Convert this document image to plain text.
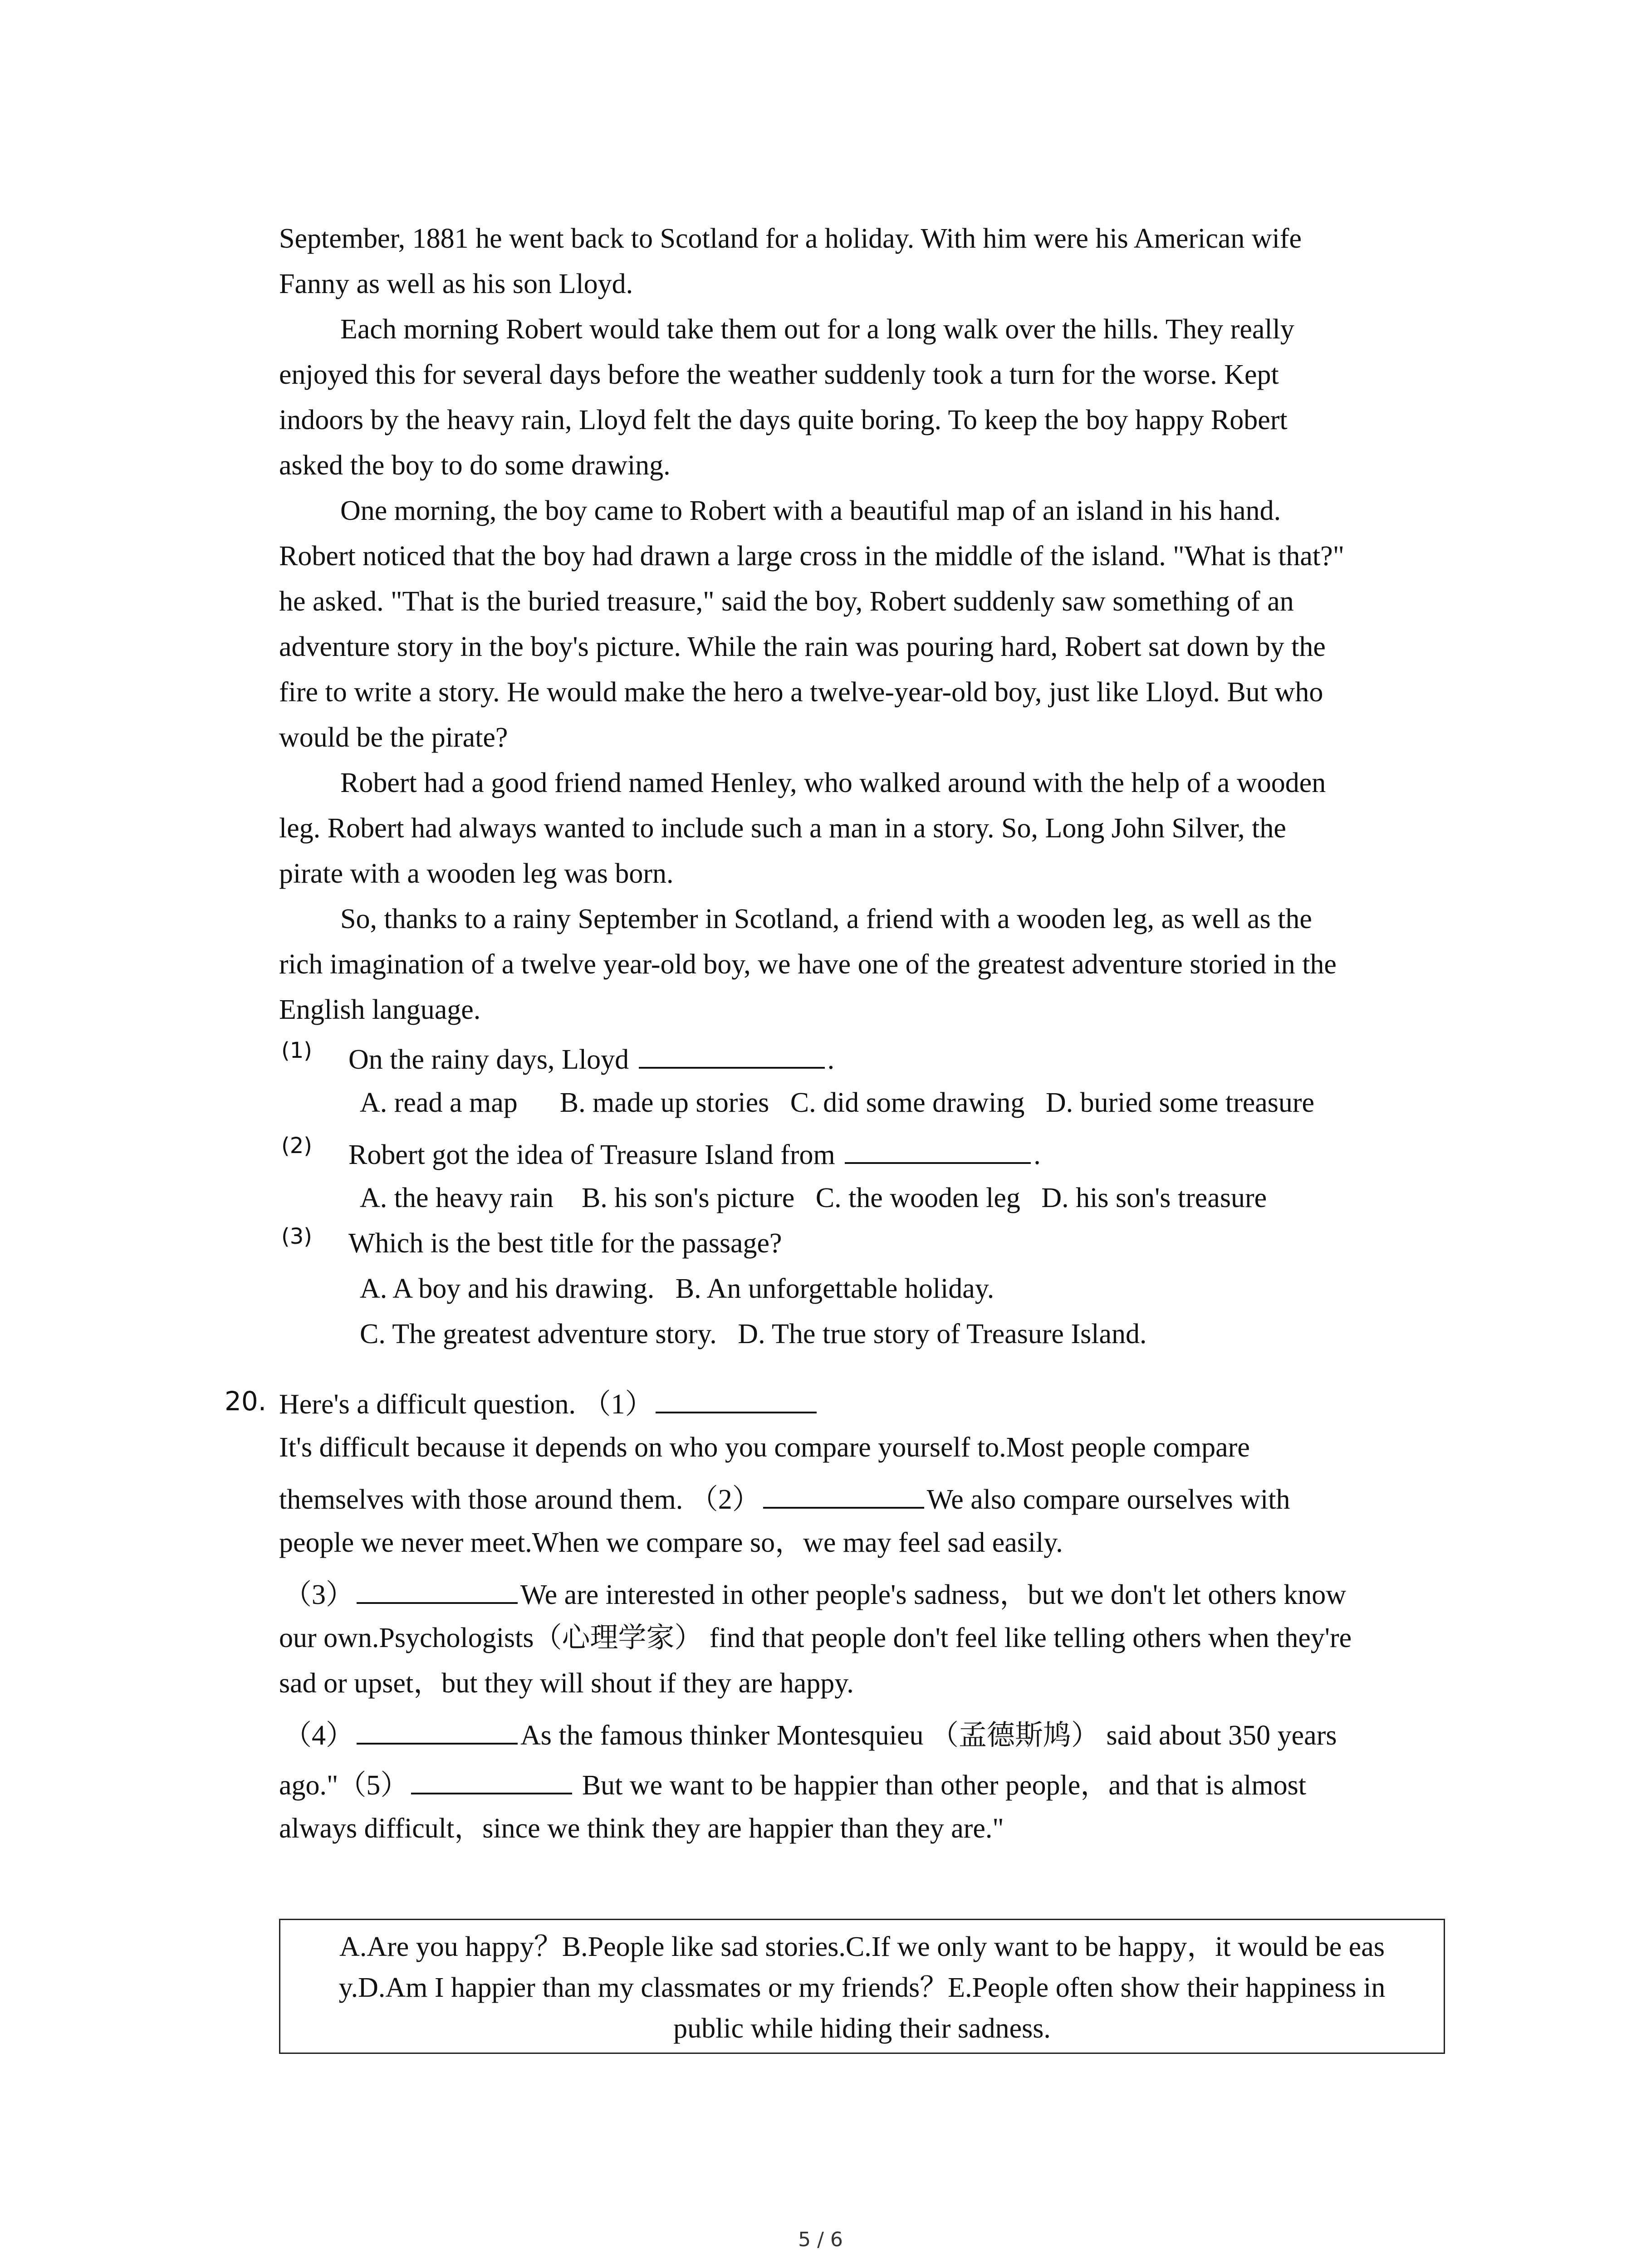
September, 1881 he went back to Scotland for a holiday. With him were his American wife
Fanny as well as his son Lloyd.
Each morning Robert would take them out for a long walk over the hills. They really
enjoyed this for several days before the weather suddenly took a turn for the worse. Kept
indoors by the heavy rain, Lloyd felt the days quite boring. To keep the boy happy Robert
asked the boy to do some drawing.
One morning, the boy came to Robert with a beautiful map of an island in his hand.
Robert noticed that the boy had drawn a large cross in the middle of the island. "What is that?"
he asked. "That is the buried treasure," said the boy, Robert suddenly saw something of an
adventure story in the boy's picture. While the rain was pouring hard, Robert sat down by the
fire to write a story. He would make the hero a twelve-year-old boy, just like Lloyd. But who
would be the pirate?
Robert had a good friend named Henley, who walked around with the help of a wooden
leg. Robert had always wanted to include such a man in a story. So, Long John Silver, the
pirate with a wooden leg was born.
So, thanks to a rainy September in Scotland, a friend with a wooden leg, as well as the
rich imagination of a twelve year-old boy, we have one of the greatest adventure storied in the
English language.
(1) On the rainy days, Lloyd	.
A. read a map      B. made up stories   C. did some drawing   D. buried some treasure
(2) Robert got the idea of Treasure Island from	.
A. the heavy rain    B. his son's picture   C. the wooden leg   D. his son's treasure
(3) Which is the best title for the passage?
A. A boy and his drawing.   B. An unforgettable holiday.
C. The greatest adventure story.   D. The true story of Treasure Island.
20. Here's a difficult question. （1）
It's difficult because it depends on who you compare yourself to.Most people compare
themselves with those around them. （2）	We also compare ourselves with
people we never meet.When we compare so，we may feel sad easily.
（3）	We are interested in other people's sadness，but we don't let others know
our own.Psychologists（心理学家） find that people don't feel like telling others when they're
sad or upset，but they will shout if they are happy.
（4）	As the famous thinker Montesquieu （孟德斯鸠） said about 350 years
ago."（5）	But we want to be happier than other people，and that is almost
always difficult，since we think they are happier than they are."
A.Are you happy？B.People like sad stories.C.If we only want to be happy，it would be eas
y.D.Am I happier than my classmates or my friends？E.People often show their happiness in
public while hiding their sadness.
5 / 6
